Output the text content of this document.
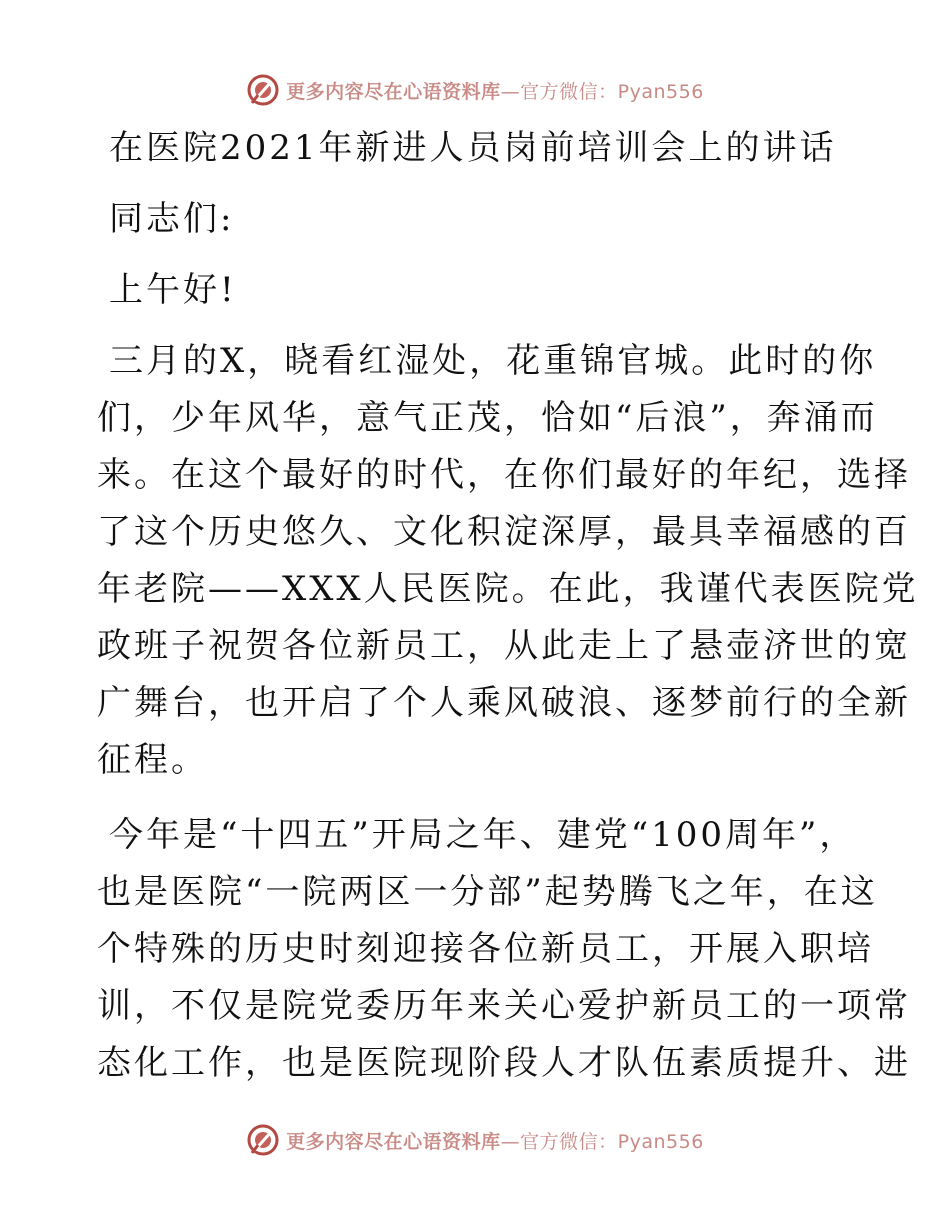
更多内容尽在心语资料库—官方微信：Pyan556
在医院2021年新进人员岗前培训会上的讲话
同志们:
上午好!
三月的X，晓看红湿处，花重锦官城。此时的你
们，少年风华，意气正茂，恰如“后浪”，奔涌而
来。在这个最好的时代，在你们最好的年纪，选择
了这个历史悠久、文化积淀深厚，最具幸福感的百
年老院——XXX人民医院。在此，我谨代表医院党
政班子祝贺各位新员工，从此走上了悬壶济世的宽
广舞台，也开启了个人乘风破浪、逐梦前行的全新
征程。
今年是“十四五”开局之年、建党“100周年”，
也是医院“一院两区一分部”起势腾飞之年，在这
个特殊的历史时刻迎接各位新员工，开展入职培
训，不仅是院党委历年来关心爱护新员工的一项常
态化工作，也是医院现阶段人才队伍素质提升、进
更多内容尽在心语资料库—官方微信：Pyan556
